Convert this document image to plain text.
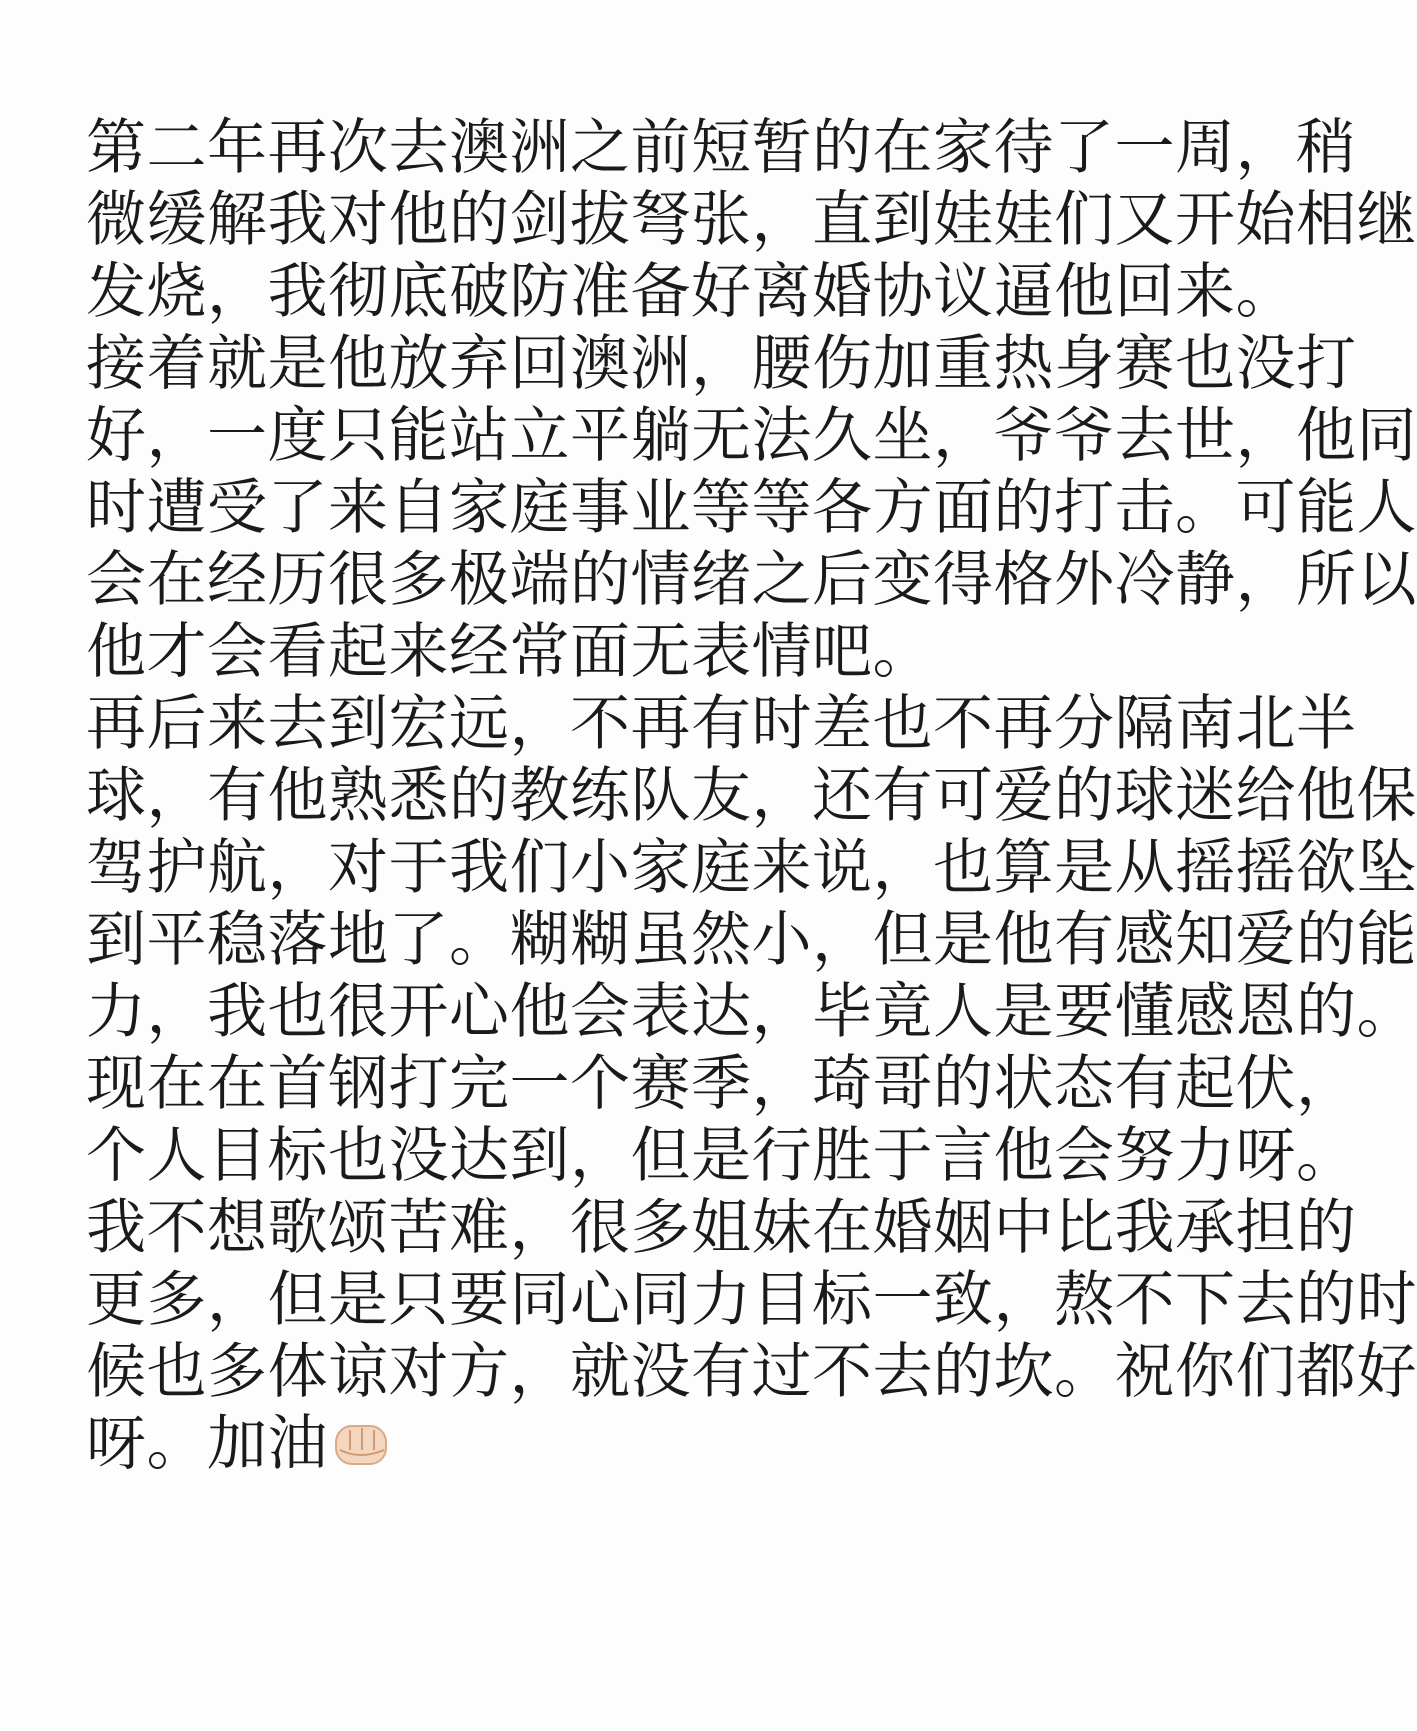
第二年再次去澳洲之前短暂的在家待了一周，稍
微缓解我对他的剑拔弩张，直到娃娃们又开始相继
发烧，我彻底破防准备好离婚协议逼他回来。
接着就是他放弃回澳洲，腰伤加重热身赛也没打
好，一度只能站立平躺无法久坐，爷爷去世，他同
时遭受了来自家庭事业等等各方面的打击。可能人
会在经历很多极端的情绪之后变得格外冷静，所以
他才会看起来经常面无表情吧。
再后来去到宏远，不再有时差也不再分隔南北半
球，有他熟悉的教练队友，还有可爱的球迷给他保
驾护航，对于我们小家庭来说，也算是从摇摇欲坠
到平稳落地了。糊糊虽然小，但是他有感知爱的能
力，我也很开心他会表达，毕竟人是要懂感恩的。
现在在首钢打完一个赛季，琦哥的状态有起伏，
个人目标也没达到，但是行胜于言他会努力呀。
我不想歌颂苦难，很多姐妹在婚姻中比我承担的
更多，但是只要同心同力目标一致，熬不下去的时
候也多体谅对方，就没有过不去的坎。祝你们都好
呀。加油
